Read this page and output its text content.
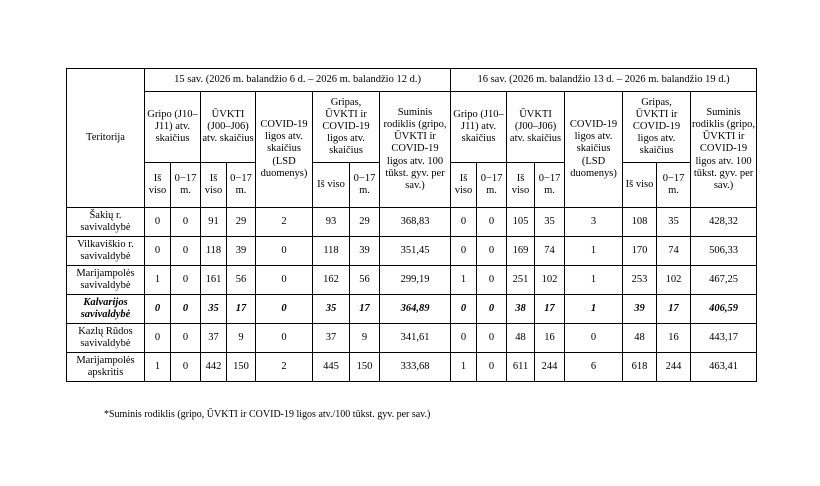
Teritorija	15 sav. (2026 m. balandžio 6 d. – 2026 m. balandžio 12 d.)								16 sav. (2026 m. balandžio 13 d. – 2026 m. balandžio 19 d.)							
	Gripo (J10–J11) atv. skaičius		ŪVKTI (J00–J06) atv. skaičius		COVID-19 ligos atv. skaičius (LSD duomenys)	Gripas, ŪVKTI ir COVID-19 ligos atv. skaičius		Suminis rodiklis (gripo, ŪVKTI ir COVID-19 ligos atv. 100 tūkst. gyv. per sav.)	Gripo (J10–J11) atv. skaičius		ŪVKTI (J00–J06) atv. skaičius		COVID-19 ligos atv. skaičius (LSD duomenys)	Gripas, ŪVKTI ir COVID-19 ligos atv. skaičius		Suminis rodiklis (gripo, ŪVKTI ir COVID-19 ligos atv. 100 tūkst. gyv. per sav.)
	Iš viso	0−17 m.	Iš viso	0−17 m.		Iš viso	0−17 m.		Iš viso	0−17 m.	Iš viso	0−17 m.		Iš viso	0−17 m.	
Šakių r. savivaldybė	0	0	91	29	2	93	29	368,83	0	0	105	35	3	108	35	428,32
Vilkaviškio r. savivaldybė	0	0	118	39	0	118	39	351,45	0	0	169	74	1	170	74	506,33
Marijampolės savivaldybė	1	0	161	56	0	162	56	299,19	1	0	251	102	1	253	102	467,25
Kalvarijos savivaldybė	0	0	35	17	0	35	17	364,89	0	0	38	17	1	39	17	406,59
Kazlų Rūdos savivaldybė	0	0	37	9	0	37	9	341,61	0	0	48	16	0	48	16	443,17
Marijampolės apskritis	1	0	442	150	2	445	150	333,68	1	0	611	244	6	618	244	463,41
*Suminis rodiklis (gripo, ŪVKTI ir COVID-19 ligos atv./100 tūkst. gyv. per sav.)
